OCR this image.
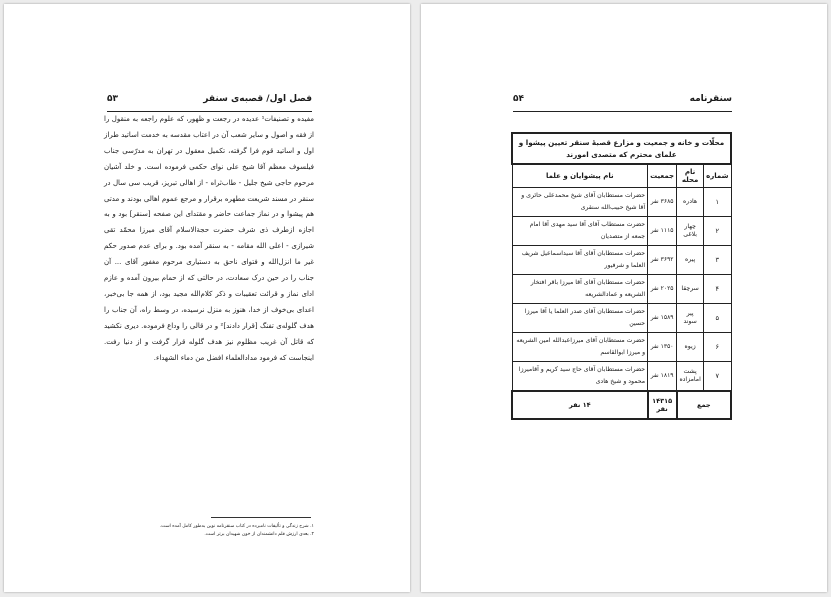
فصل اول/ قصبه‌ی سنقر
۵۳

مفیده و تصنیفات¹ عدیده در رجعت و ظهور، که علوم راجعه به منقول را از فقه و اصول و سایر شعب آن در اعتاب مقدسه به خدمت اساتید طراز اول و اساتید قوم فرا گرفته، تکمیل معقول در تهران به مدرّسی جناب فیلسوف معظم آقا شیخ علی نوای حکمی فرموده است. و خلد آشیان مرحوم حاجی شیخ جلیل - طاب‌ثراه - از اهالی تبریز، قریب سی سال در سنقر در مسند شریعت مطهره برقرار و مرجع عموم اهالی بودند و مدتی هم پیشوا و در نماز جماعت حاضر و مقتدای این صفحه [سنقر] بود و به اجازه ازطرف ذی شرف حضرت حجةالاسلام آقای میرزا محمّد تقی شیرازی - اعلی الله مقامه - به سنقر آمده بود. و برای عدم صدور حکم غیر ما انزل‌الله و فتوای ناحق به دستیاری مرحوم مغفور آقای ... آن جناب را در حین درک سعادت، در حالتی که از حمام بیرون آمده و عازم ادای نماز و قرائت تعقیبات و ذکر کلام‌الله مجید بود، از همه جا بی‌خبر، اعدای بی‌خوف از خدا، هنوز به منزل نرسیده، در وسط راه، آن جناب را هدف گلوله‌ی تفنگ [قرار دادند]² و در قالی را وداع فرموده. دیری نکشید که قاتل آن غریب مظلوم نیز هدف گلوله قرار گرفت و از دنیا رفت. اینجاست که فرمود مدادالعلماء افضل من دماء الشهداء.

۱. شرح زندگی و تألیفات نامبرده در کتاب سنقرنامه نوین به‌طور کامل آمده است.
۲. بعدی ارزش قلم دانشمندان از خون شهیدان برتر است.
سنقرنامه
۵۴
محلّات و خانه و جمعیت و مزارع قصبهٔ سنقر تعیین پیشوا و علمای محترم که متصدی امورند			
شماره	نام محله	جمعیت	نام پیشوایان و علما
۱	هادره	۳۶۸۵ نفر	حضرات مستطابان آقای شیخ محمدعلی حائری و آقا شیخ حبیب‌الله سنقری
۲	چهار بلاغی	۱۱۱۵ نفر	حضرت مستطاب آقای آقا سید مهدی آقا امام جمعه از متصدیان
۳	پیره	۳۶۹۲ نفر	حضرات مستطابان آقای آقا سیداسماعیل شریف العلما و شرفیور
۴	سرچقا	۲۰۲۵ نفر	حضرات مستطابان آقای آقا میرزا باقر افتخار الشریعه و عمادالشریعه
۵	پیر سوند	۱۵۸۹ نفر	حضرات مستطابان آقای صدر العلما یا آقا میرزا حسین
۶	زیوه	۱۳۵۰ نفر	حضرت مستطابان آقای میرزاعبدالله امین الشریعه و میرزا ابوالقاسم
۷	پشت امامزاده	۱۸۱۹ نفر	حضرات مستطابان آقای حاج سید کریم و آقامیرزا محمود و شیخ هادی
جمع		۱۴۳۱۵ نفر	۱۴ نفر
